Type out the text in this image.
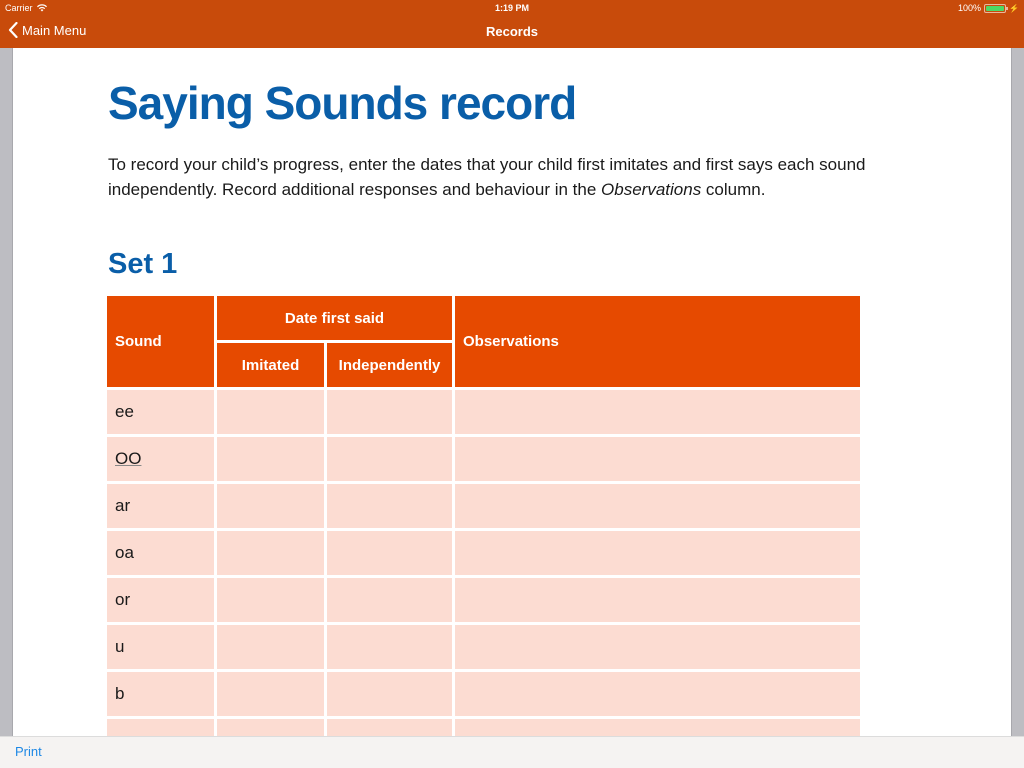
Carrier	1:19 PM	100%	⚡
Main Menu	Records
Saying Sounds record

To record your child’s progress, enter the dates that your child first imitates and first says each sound independently. Record additional responses and behaviour in the Observations column.

Set 1
Sound	Date first said		Observations
	Imitated	Independently	
ee			
OO			
ar			
oa			
or			
u			
b			

Print
